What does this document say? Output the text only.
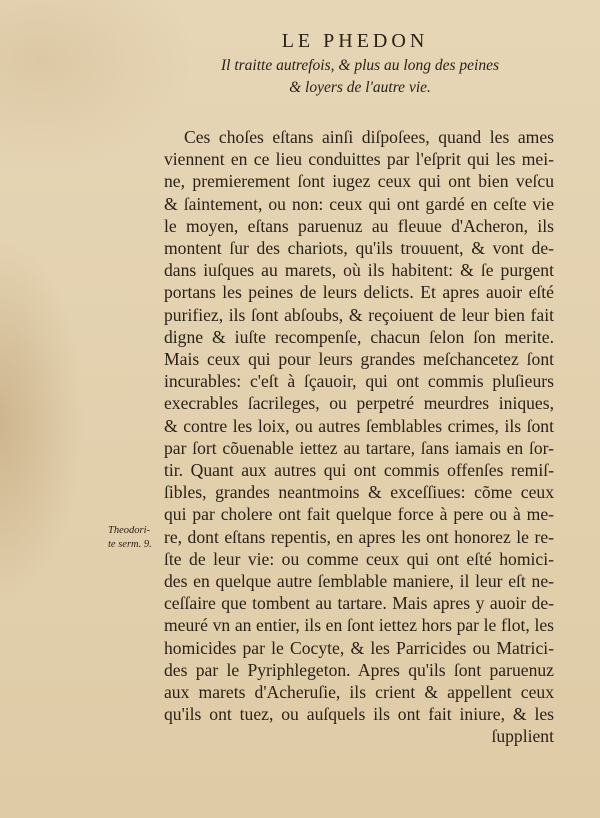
LE PHEDON
Il traitte autrefois, & plus au long des peines
& loyers de l'autre vie.
Theodori-
te serm. 9.
Ces choſes eſtans ainſi diſpoſees, quand les ames
viennent en ce lieu conduittes par l'eſprit qui les mei-
ne, premierement ſont iugez ceux qui ont bien veſcu
& ſaintement, ou non: ceux qui ont gardé en ceſte vie
le moyen, eſtans paruenuz au fleuue d'Acheron, ils
montent ſur des chariots, qu'ils trouuent, & vont de-
dans iuſques au marets, où ils habitent: & ſe purgent
portans les peines de leurs delicts. Et apres auoir eſté
purifiez, ils ſont abſoubs, & reçoiuent de leur bien fait
digne & iuſte recompenſe, chacun ſelon ſon merite.
Mais ceux qui pour leurs grandes meſchancetez ſont
incurables: c'eſt à ſçauoir, qui ont commis pluſieurs
execrables ſacrileges, ou perpetré meurdres iniques,
& contre les loix, ou autres ſemblables crimes, ils ſont
par ſort cõuenable iettez au tartare, ſans iamais en ſor-
tir. Quant aux autres qui ont commis offenſes remiſ-
ſibles, grandes neantmoins & exceſſiues: cõme ceux
qui par cholere ont fait quelque force à pere ou à me-
re, dont eſtans repentis, en apres les ont honorez le re-
ſte de leur vie: ou comme ceux qui ont eſté homici-
des en quelque autre ſemblable maniere, il leur eſt ne-
ceſſaire que tombent au tartare. Mais apres y auoir de-
meuré vn an entier, ils en ſont iettez hors par le flot, les
homicides par le Cocyte, & les Parricides ou Matrici-
des par le Pyriphlegeton. Apres qu'ils ſont paruenuz
aux marets d'Acheruſie, ils crient & appellent ceux
qu'ils ont tuez, ou auſquels ils ont fait iniure, & les
ſupplient
